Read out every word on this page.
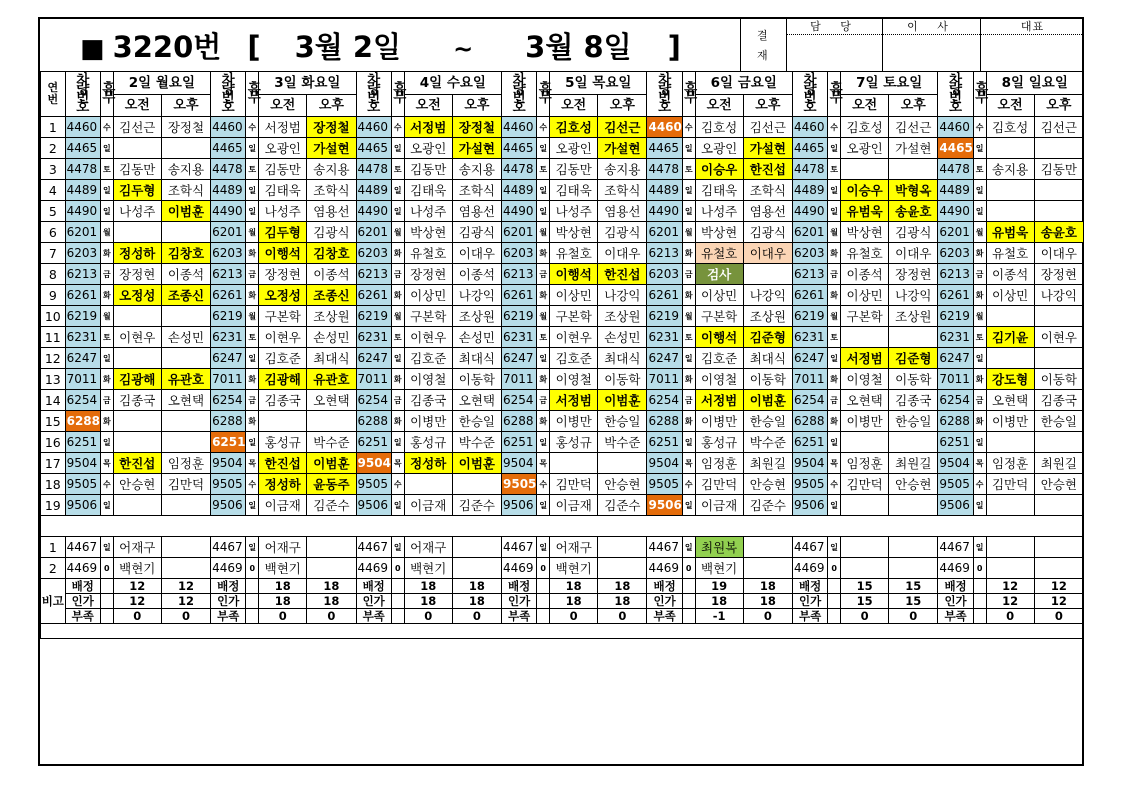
■ 3220번 [ 3월 2일 ~ 3월 8일 ]	결
재
담 당	이 사	대표
연번	차량번호	휴무	2일 월요일		차량번호	휴무	3일 화요일		차량번호	휴무	4일 수요일		차량번호	휴무	5일 목요일		차량번호	휴무	6일 금요일		차량번호	휴무	7일 토요일		차량번호	휴무	8일 일요일	
			오전	오후			오전	오후			오전	오후			오전	오후			오전	오후			오전	오후			오전	오후
1	4460	수	김선근	장정철	4460	수	서정범	장정철	4460	수	서정범	장정철	4460	수	김호성	김선근	4460	수	김호성	김선근	4460	수	김호성	김선근	4460	수	김호성	김선근
2	4465	일			4465	일	오광인	가설현	4465	일	오광인	가설현	4465	일	오광인	가설현	4465	일	오광인	가설현	4465	일	오광인	가설현	4465	일		
3	4478	토	김동만	송지용	4478	토	김동만	송지용	4478	토	김동만	송지용	4478	토	김동만	송지용	4478	토	이승우	한진섭	4478	토			4478	토	송지용	김동만
4	4489	일	김두형	조학식	4489	일	김태욱	조학식	4489	일	김태욱	조학식	4489	일	김태욱	조학식	4489	일	김태욱	조학식	4489	일	이승우	박형옥	4489	일		
5	4490	일	나성주	이범훈	4490	일	나성주	염용선	4490	일	나성주	염용선	4490	일	나성주	염용선	4490	일	나성주	염용선	4490	일	유범욱	송윤호	4490	일		
6	6201	월			6201	월	김두형	김광식	6201	월	박상현	김광식	6201	월	박상현	김광식	6201	월	박상현	김광식	6201	월	박상현	김광식	6201	월	유범욱	송윤호
7	6203	화	정성하	김창호	6203	화	이행석	김창호	6203	화	유철호	이대우	6203	화	유철호	이대우	6213	화	유철호	이대우	6203	화	유철호	이대우	6203	화	유철호	이대우
8	6213	금	장정현	이종석	6213	금	장정현	이종석	6213	금	장정현	이종석	6213	금	이행석	한진섭	6203	금	검사		6213	금	이종석	장정현	6213	금	이종석	장정현
9	6261	화	오정성	조종신	6261	화	오정성	조종신	6261	화	이상민	나강익	6261	화	이상민	나강익	6261	화	이상민	나강익	6261	화	이상민	나강익	6261	화	이상민	나강익
10	6219	월			6219	월	구본학	조상원	6219	월	구본학	조상원	6219	월	구본학	조상원	6219	월	구본학	조상원	6219	월	구본학	조상원	6219	월		
11	6231	토	이현우	손성민	6231	토	이현우	손성민	6231	토	이현우	손성민	6231	토	이현우	손성민	6231	토	이행석	김준형	6231	토			6231	토	김기윤	이현우
12	6247	일			6247	일	김호준	최대식	6247	일	김호준	최대식	6247	일	김호준	최대식	6247	일	김호준	최대식	6247	일	서정범	김준형	6247	일		
13	7011	화	김광해	유관호	7011	화	김광해	유관호	7011	화	이영철	이동학	7011	화	이영철	이동학	7011	화	이영철	이동학	7011	화	이영철	이동학	7011	화	강도형	이동학
14	6254	금	김종국	오현택	6254	금	김종국	오현택	6254	금	김종국	오현택	6254	금	서정범	이범훈	6254	금	서정범	이범훈	6254	금	오현택	김종국	6254	금	오현택	김종국
15	6288	화			6288	화			6288	화	이병만	한승일	6288	화	이병만	한승일	6288	화	이병만	한승일	6288	화	이병만	한승일	6288	화	이병만	한승일
16	6251	일			6251	일	홍성규	박수준	6251	일	홍성규	박수준	6251	일	홍성규	박수준	6251	일	홍성규	박수준	6251	일			6251	일		
17	9504	목	한진섭	임정훈	9504	목	한진섭	이범훈	9504	목	정성하	이범훈	9504	목			9504	목	임정훈	최원길	9504	목	임정훈	최원길	9504	목	임정훈	최원길
18	9505	수	안승현	김만덕	9505	수	정성하	윤동주	9505	수			9505	수	김만덕	안승현	9505	수	김만덕	안승현	9505	수	김만덕	안승현	9505	수	김만덕	안승현
19	9506	일			9506	일	이금재	김준수	9506	일	이금재	김준수	9506	일	이금재	김준수	9506	일	이금재	김준수	9506	일			9506	일		

1	4467	일	어재구		4467	일	어재구		4467	일	어재구		4467	일	어재구		4467	일	최원복		4467	일			4467	일		
2	4469	0	백현기		4469	0	백현기		4469	0	백현기		4469	0	백현기		4469	0	백현기		4469	0			4469	0		
비고	배정		12	12	배정		18	18	배정		18	18	배정		18	18	배정		19	18	배정		15	15	배정		12	12
	인가		12	12	인가		18	18	인가		18	18	인가		18	18	인가		18	18	인가		15	15	인가		12	12
	부족		0	0	부족		0	0	부족		0	0	부족		0	0	부족		-1	0	부족		0	0	부족		0	0
